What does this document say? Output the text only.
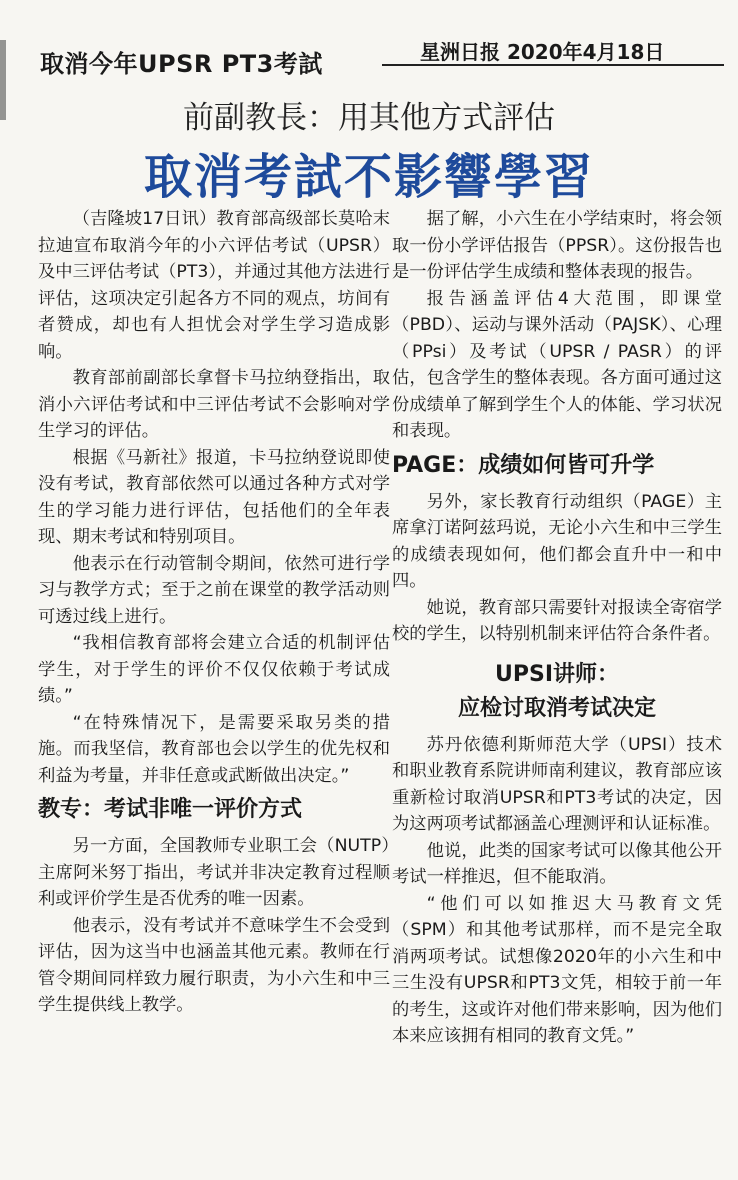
取消今年UPSR PT3考試	星洲日报 2020年4月18日
前副教長：用其他方式評估
取消考試不影響學習

（吉隆坡17日讯）教育部高级部长莫哈末拉迪宣布取消今年的小六评估考试（UPSR）及中三评估考试（PT3），并通过其他方法进行评估，这项决定引起各方不同的观点，坊间有者赞成，却也有人担忧会对学生学习造成影响。

教育部前副部长拿督卡马拉纳登指出，取消小六评估考试和中三评估考试不会影响对学生学习的评估。

根据《马新社》报道，卡马拉纳登说即使没有考试，教育部依然可以通过各种方式对学生的学习能力进行评估，包括他们的全年表现、期末考试和特别项目。

他表示在行动管制令期间，依然可进行学习与教学方式；至于之前在课堂的教学活动则可透过线上进行。

“我相信教育部将会建立合适的机制评估学生，对于学生的评价不仅仅依赖于考试成绩。”

“在特殊情况下，是需要采取另类的措施。而我坚信，教育部也会以学生的优先权和利益为考量，并非任意或武断做出决定。”

教专：考试非唯一评价方式

另一方面，全国教师专业职工会（NUTP）主席阿米努丁指出，考试并非决定教育过程顺利或评价学生是否优秀的唯一因素。

他表示，没有考试并不意味学生不会受到评估，因为这当中也涵盖其他元素。教师在行管令期间同样致力履行职责，为小六生和中三学生提供线上教学。

据了解，小六生在小学结束时，将会领取一份小学评估报告（PPSR）。这份报告也是一份评估学生成绩和整体表现的报告。

报告涵盖评估4大范围，即课堂（PBD）、运动与课外活动（PAJSK）、心理（PPsi）及考试（UPSR / PASR）的评估，包含学生的整体表现。各方面可通过这份成绩单了解到学生个人的体能、学习状况和表现。

PAGE：成绩如何皆可升学

另外，家长教育行动组织（PAGE）主席拿汀诺阿兹玛说，无论小六生和中三学生的成绩表现如何，他们都会直升中一和中四。

她说，教育部只需要针对报读全寄宿学校的学生，以特别机制来评估符合条件者。

UPSI讲师：
应检讨取消考试决定

苏丹依德利斯师范大学（UPSI）技术和职业教育系院讲师南利建议，教育部应该重新检讨取消UPSR和PT3考试的决定，因为这两项考试都涵盖心理测评和认证标准。

他说，此类的国家考试可以像其他公开考试一样推迟，但不能取消。

“他们可以如推迟大马教育文凭（SPM）和其他考试那样，而不是完全取消两项考试。试想像2020年的小六生和中三生没有UPSR和PT3文凭，相较于前一年的考生，这或许对他们带来影响，因为他们本来应该拥有相同的教育文凭。”
